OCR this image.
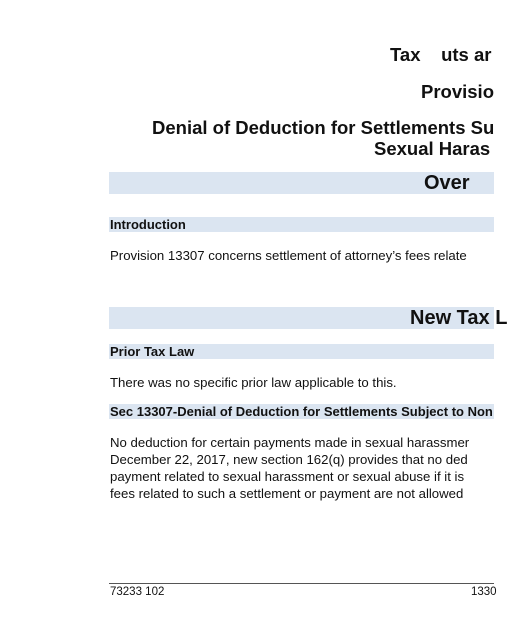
Tax    uts ar
Provisio
Denial of Deduction for Settlements Su
Sexual Haras
Over
Introduction
Provision 13307 concerns settlement of attorney’s fees relate
New Tax L
Prior Tax Law
There was no specific prior law applicable to this.
Sec 13307-Denial of Deduction for Settlements Subject to Non
No deduction for certain payments made in sexual harassmer
December 22, 2017, new section 162(q) provides that no ded
payment related to sexual harassment or sexual abuse if it is
fees related to such a settlement or payment are not allowed
73233 102	1330
